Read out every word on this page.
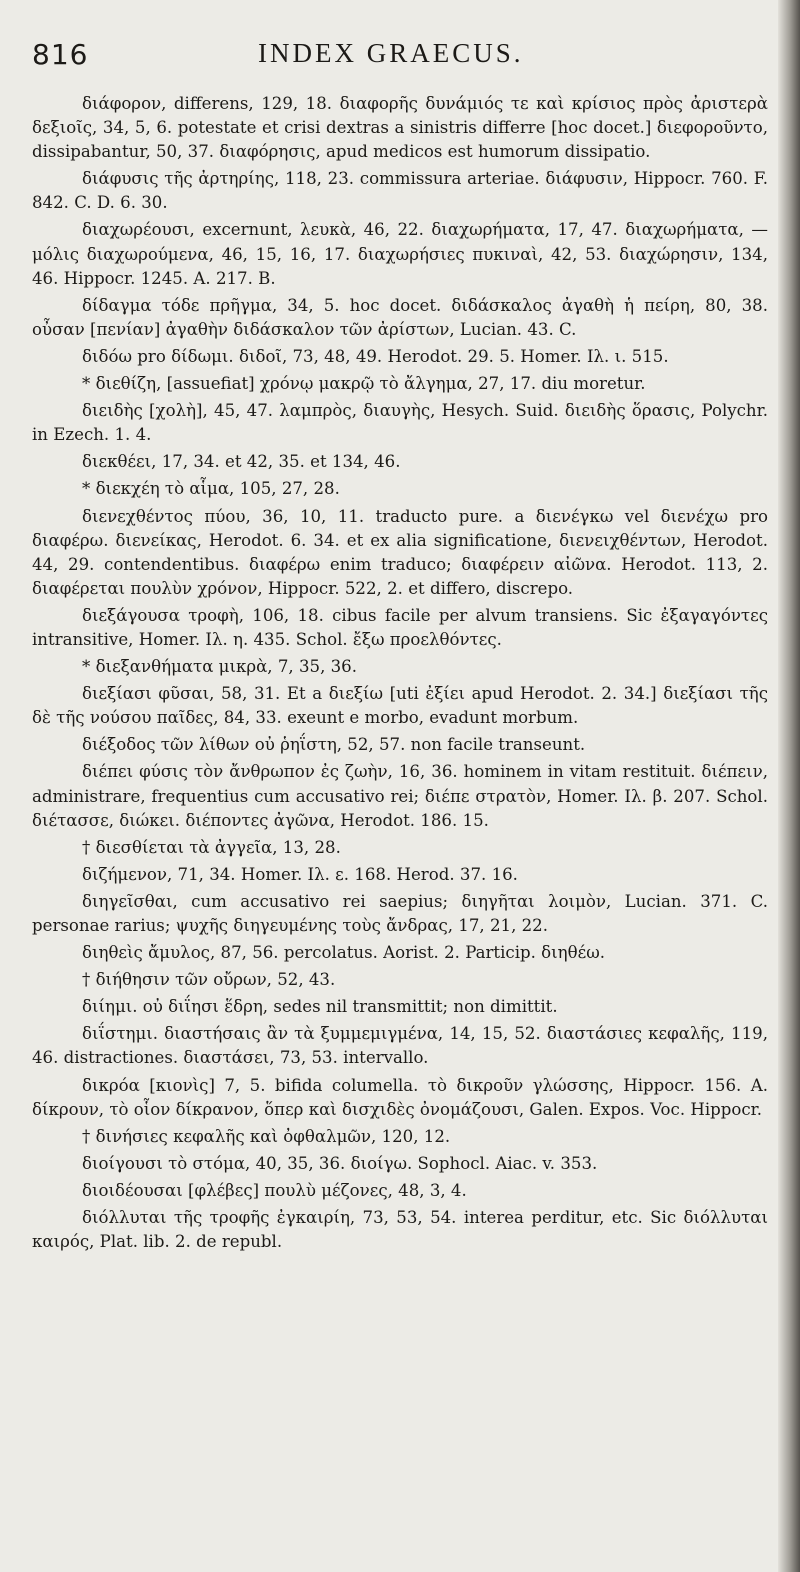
816	INDEX GRAECUS.

διάφορον, differens, 129, 18. διαφορῆς δυνάμιός τε καὶ κρίσιος πρὸς ἀριστερὰ δεξιοῖς, 34, 5, 6. potestate et crisi dextras a sinistris differre [hoc docet.] διεφοροῦντο, dissipabantur, 50, 37. διαφόρησις, apud medicos est humorum dissipatio.

διάφυσις τῆς ἀρτηρίης, 118, 23. commissura arteriae. διάφυσιν, Hippocr. 760. F. 842. C. D. 6. 30.

διαχωρέουσι, excernunt, λευκὰ, 46, 22. διαχωρήματα, 17, 47. διαχωρήματα, — μόλις διαχωρούμενα, 46, 15, 16, 17. διαχωρήσιες πυκιναὶ, 42, 53. διαχώρησιν, 134, 46. Hippocr. 1245. A. 217. B.

δίδαγμα τόδε πρῆγμα, 34, 5. hoc docet. διδάσκαλος ἀγαθὴ ἡ πείρη, 80, 38. οὖσαν [πενίαν] ἀγαθὴν διδάσκαλον τῶν ἀρίστων, Lucian. 43. C.

διδόω pro δίδωμι. διδοῖ, 73, 48, 49. Herodot. 29. 5. Homer. Ιλ. ι. 515.

* διεθίζη, [assuefiat] χρόνῳ μακρῷ τὸ ἄλγημα, 27, 17. diu moretur.

διειδὴς [χολὴ], 45, 47. λαμπρὸς, διαυγὴς, Hesych. Suid. διειδὴς ὅρασις, Polychr. in Ezech. 1. 4.

διεκθέει, 17, 34. et 42, 35. et 134, 46.

* διεκχέη τὸ αἷμα, 105, 27, 28.

διενεχθέντος πύου, 36, 10, 11. traducto pure. a διενέγκω vel διενέχω pro διαφέρω. διενείκας, Herodot. 6. 34. et ex alia significatione, διενειχθέντων, Herodot. 44, 29. contendentibus. διαφέρω enim traduco; διαφέρειν αἰῶνα. Herodot. 113, 2. διαφέρεται πουλὺν χρόνον, Hippocr. 522, 2. et differo, discrepo.

διεξάγουσα τροφὴ, 106, 18. cibus facile per alvum transiens. Sic ἐξαγαγόντες intransitive, Homer. Ιλ. η. 435. Schol. ἔξω προελθόντες.

* διεξανθήματα μικρὰ, 7, 35, 36.

διεξίασι φῦσαι, 58, 31. Et a διεξίω [uti ἐξίει apud Herodot. 2. 34.] διεξίασι τῆς δὲ τῆς νούσου παῖδες, 84, 33. exeunt e morbo, evadunt morbum.

διέξοδος τῶν λίθων οὐ ῥηΐστη, 52, 57. non facile transeunt.

διέπει φύσις τὸν ἄνθρωπον ἐς ζωὴν, 16, 36. hominem in vitam restituit. διέπειν, administrare, frequentius cum accusativo rei; διέπε στρατὸν, Homer. Ιλ. β. 207. Schol. διέτασσε, διώκει. διέποντες ἀγῶνα, Herodot. 186. 15.

† διεσθίεται τὰ ἀγγεῖα, 13, 28.

διζήμενον, 71, 34. Homer. Ιλ. ε. 168. Herod. 37. 16.

διηγεῖσθαι, cum accusativo rei saepius; διηγῆται λοιμὸν, Lucian. 371. C. personae rarius; ψυχῆς διηγευμένης τοὺς ἄνδρας, 17, 21, 22.

διηθεὶς ἄμυλος, 87, 56. percolatus. Aorist. 2. Particip. διηθέω.

† διήθησιν τῶν οὔρων, 52, 43.

διίημι. οὐ διΐησι ἕδρη, sedes nil transmittit; non dimittit.

διΐστημι. διαστήσαις ἂν τὰ ξυμμεμιγμένα, 14, 15, 52. διαστάσιες κεφαλῆς, 119, 46. distractiones. διαστάσει, 73, 53. intervallo.

δικρόα [κιονὶς] 7, 5. bifida columella. τὸ δικροῦν γλώσσης, Hippocr. 156. A. δίκρουν, τὸ οἷον δίκρανον, ὅπερ καὶ δισχιδὲς ὀνομάζουσι, Galen. Expos. Voc. Hippocr.

† δινήσιες κεφαλῆς καὶ ὀφθαλμῶν, 120, 12.

διοίγουσι τὸ στόμα, 40, 35, 36. διοίγω. Sophocl. Aiac. v. 353.

διοιδέουσαι [φλέβες] πουλὺ μέζονες, 48, 3, 4.

διόλλυται τῆς τροφῆς ἐγκαιρίη, 73, 53, 54. interea perditur, etc. Sic διόλλυται καιρός, Plat. lib. 2. de republ.
